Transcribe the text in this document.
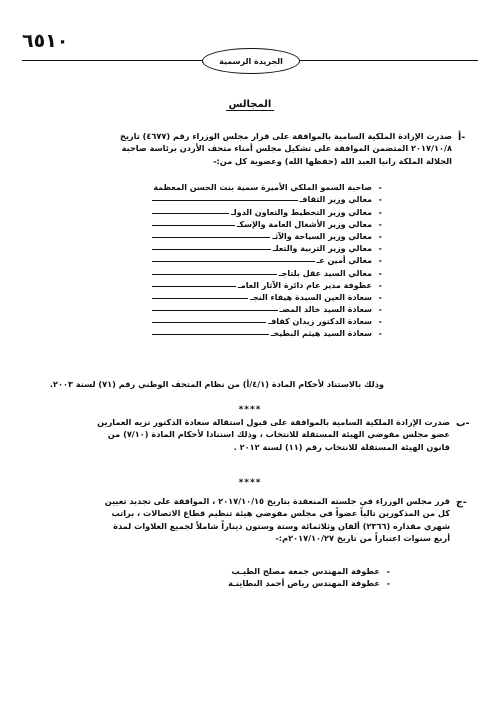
٦٥١٠
الجريدة الرسمية
المجالس
أ-

صدرت الإرادة الملكية السامية بالموافقة على قرار مجلس الوزراء رقم (٤٦٧٧) تاريخ

٢٠١٧/١٠/٨ المتضمن الموافقة على تشكيل مجلس أمناء متحف الأردن برئاسة صاحبة

الجلالة الملكة رانيا العبد الله (حفظها الله) وعضوية كل من:-

-
صاحبة السمو الملكي الأميرة سمية بنت الحسن المعظمة
-
معالي وزير الثقافـ
-
معالي وزير التخطيط والتعاون الدولـ
-
معالي وزير الأشغال العامة والإسكـ
-
معالي وزير السياحة والآثـ
-
معالي وزير التربية والتعلـ
-
معالي أمين عـ
-
معالي السيد عقل بلتاجـ
-
عطوفة مدير عام دائرة الآثار العامـ
-
سعادة العين السيدة هيفاء النجـ
-
سعادة السيد خالد المصـ
-
سعادة الدكتور زيدان كفافـ
-
سعادة السيد هيثم البطيخـ
وذلك بالاستناد لأحكام المادة (٤/١/أ) من نظام المتحف الوطني رقم (٧١) لسنة ٢٠٠٣.
****
ب-

صدرت الإرادة الملكية السامية بالموافقة على قبول استقالة سعادة الدكتور نزيه العمارين

عضو مجلس مفوضي الهيئة المستقلة للانتخاب ، وذلك استنادا لأحكام المادة (٧/١٠) من

قانون الهيئة المستقلة للانتخاب رقم (١١) لسنة ٢٠١٢ .

****
ج-

قرر مجلس الوزراء في جلسته المنعقدة بتاريخ ٢٠١٧/١٠/١٥ ، الموافقة على تجديد تعيين

كل من المذكورين تالياً عضواً في مجلس مفوضي هيئة تنظيم قطاع الاتصالات ، براتب

شهري مقداره (٢٣٦٦) ألفان وثلاثمائة وستة وستون ديناراً شاملاً لجميع العلاوات لمدة

أربع سنوات اعتباراً من تاريخ ٢٠١٧/١٠/٢٧م:-

-عطوفة المهندس جمعة مصلح الطيـب
-عطوفة المهندس رياض أحمد البطاينـة
